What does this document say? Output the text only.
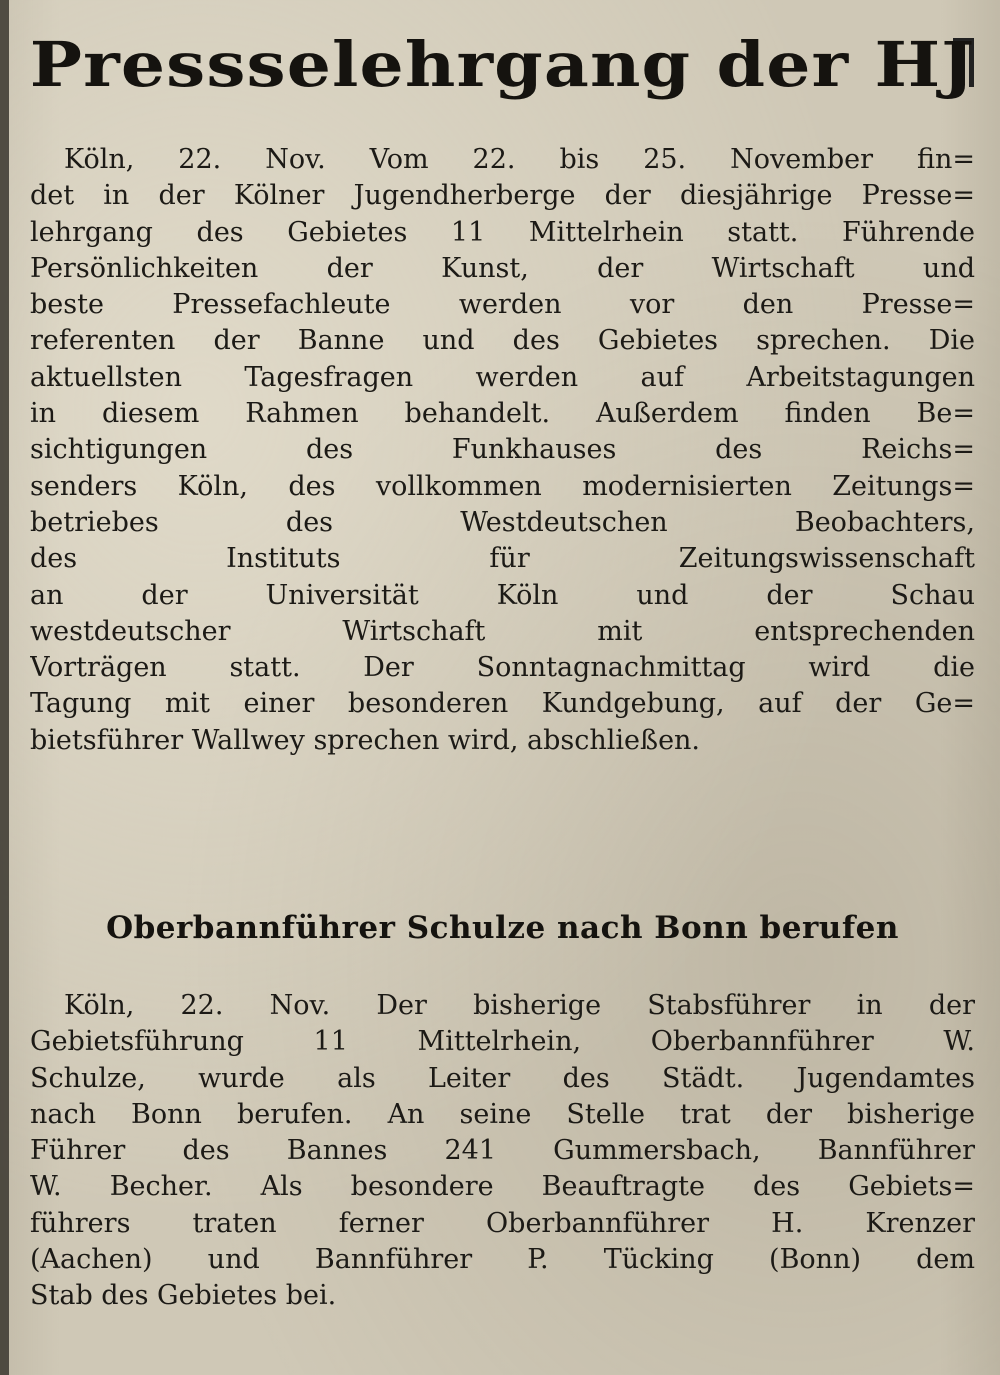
Pressselehrgang der HJ
Köln, 22. Nov. Vom 22. bis 25. November fin=
det in der Kölner Jugendherberge der diesjährige Presse=
lehrgang des Gebietes 11 Mittelrhein statt. Führende
Persönlichkeiten der Kunst, der Wirtschaft und
beste Pressefachleute werden vor den Presse=
referenten der Banne und des Gebietes sprechen. Die
aktuellsten Tagesfragen werden auf Arbeitstagungen
in diesem Rahmen behandelt. Außerdem finden Be=
sichtigungen des Funkhauses des Reichs=
senders Köln, des vollkommen modernisierten Zeitungs=
betriebes des Westdeutschen Beobachters,
des Instituts für Zeitungswissenschaft
an der Universität Köln und der Schau
westdeutscher Wirtschaft mit entsprechenden
Vorträgen statt. Der Sonntagnachmittag wird die
Tagung mit einer besonderen Kundgebung, auf der Ge=
bietsführer Wallwey sprechen wird, abschließen.
Oberbannführer Schulze nach Bonn berufen
Köln, 22. Nov. Der bisherige Stabsführer in der
Gebietsführung 11 Mittelrhein, Oberbannführer W.
Schulze, wurde als Leiter des Städt. Jugendamtes
nach Bonn berufen. An seine Stelle trat der bisherige
Führer des Bannes 241 Gummersbach, Bannführer
W. Becher. Als besondere Beauftragte des Gebiets=
führers traten ferner Oberbannführer H. Krenzer
(Aachen) und Bannführer P. Tücking (Bonn) dem
Stab des Gebietes bei.
